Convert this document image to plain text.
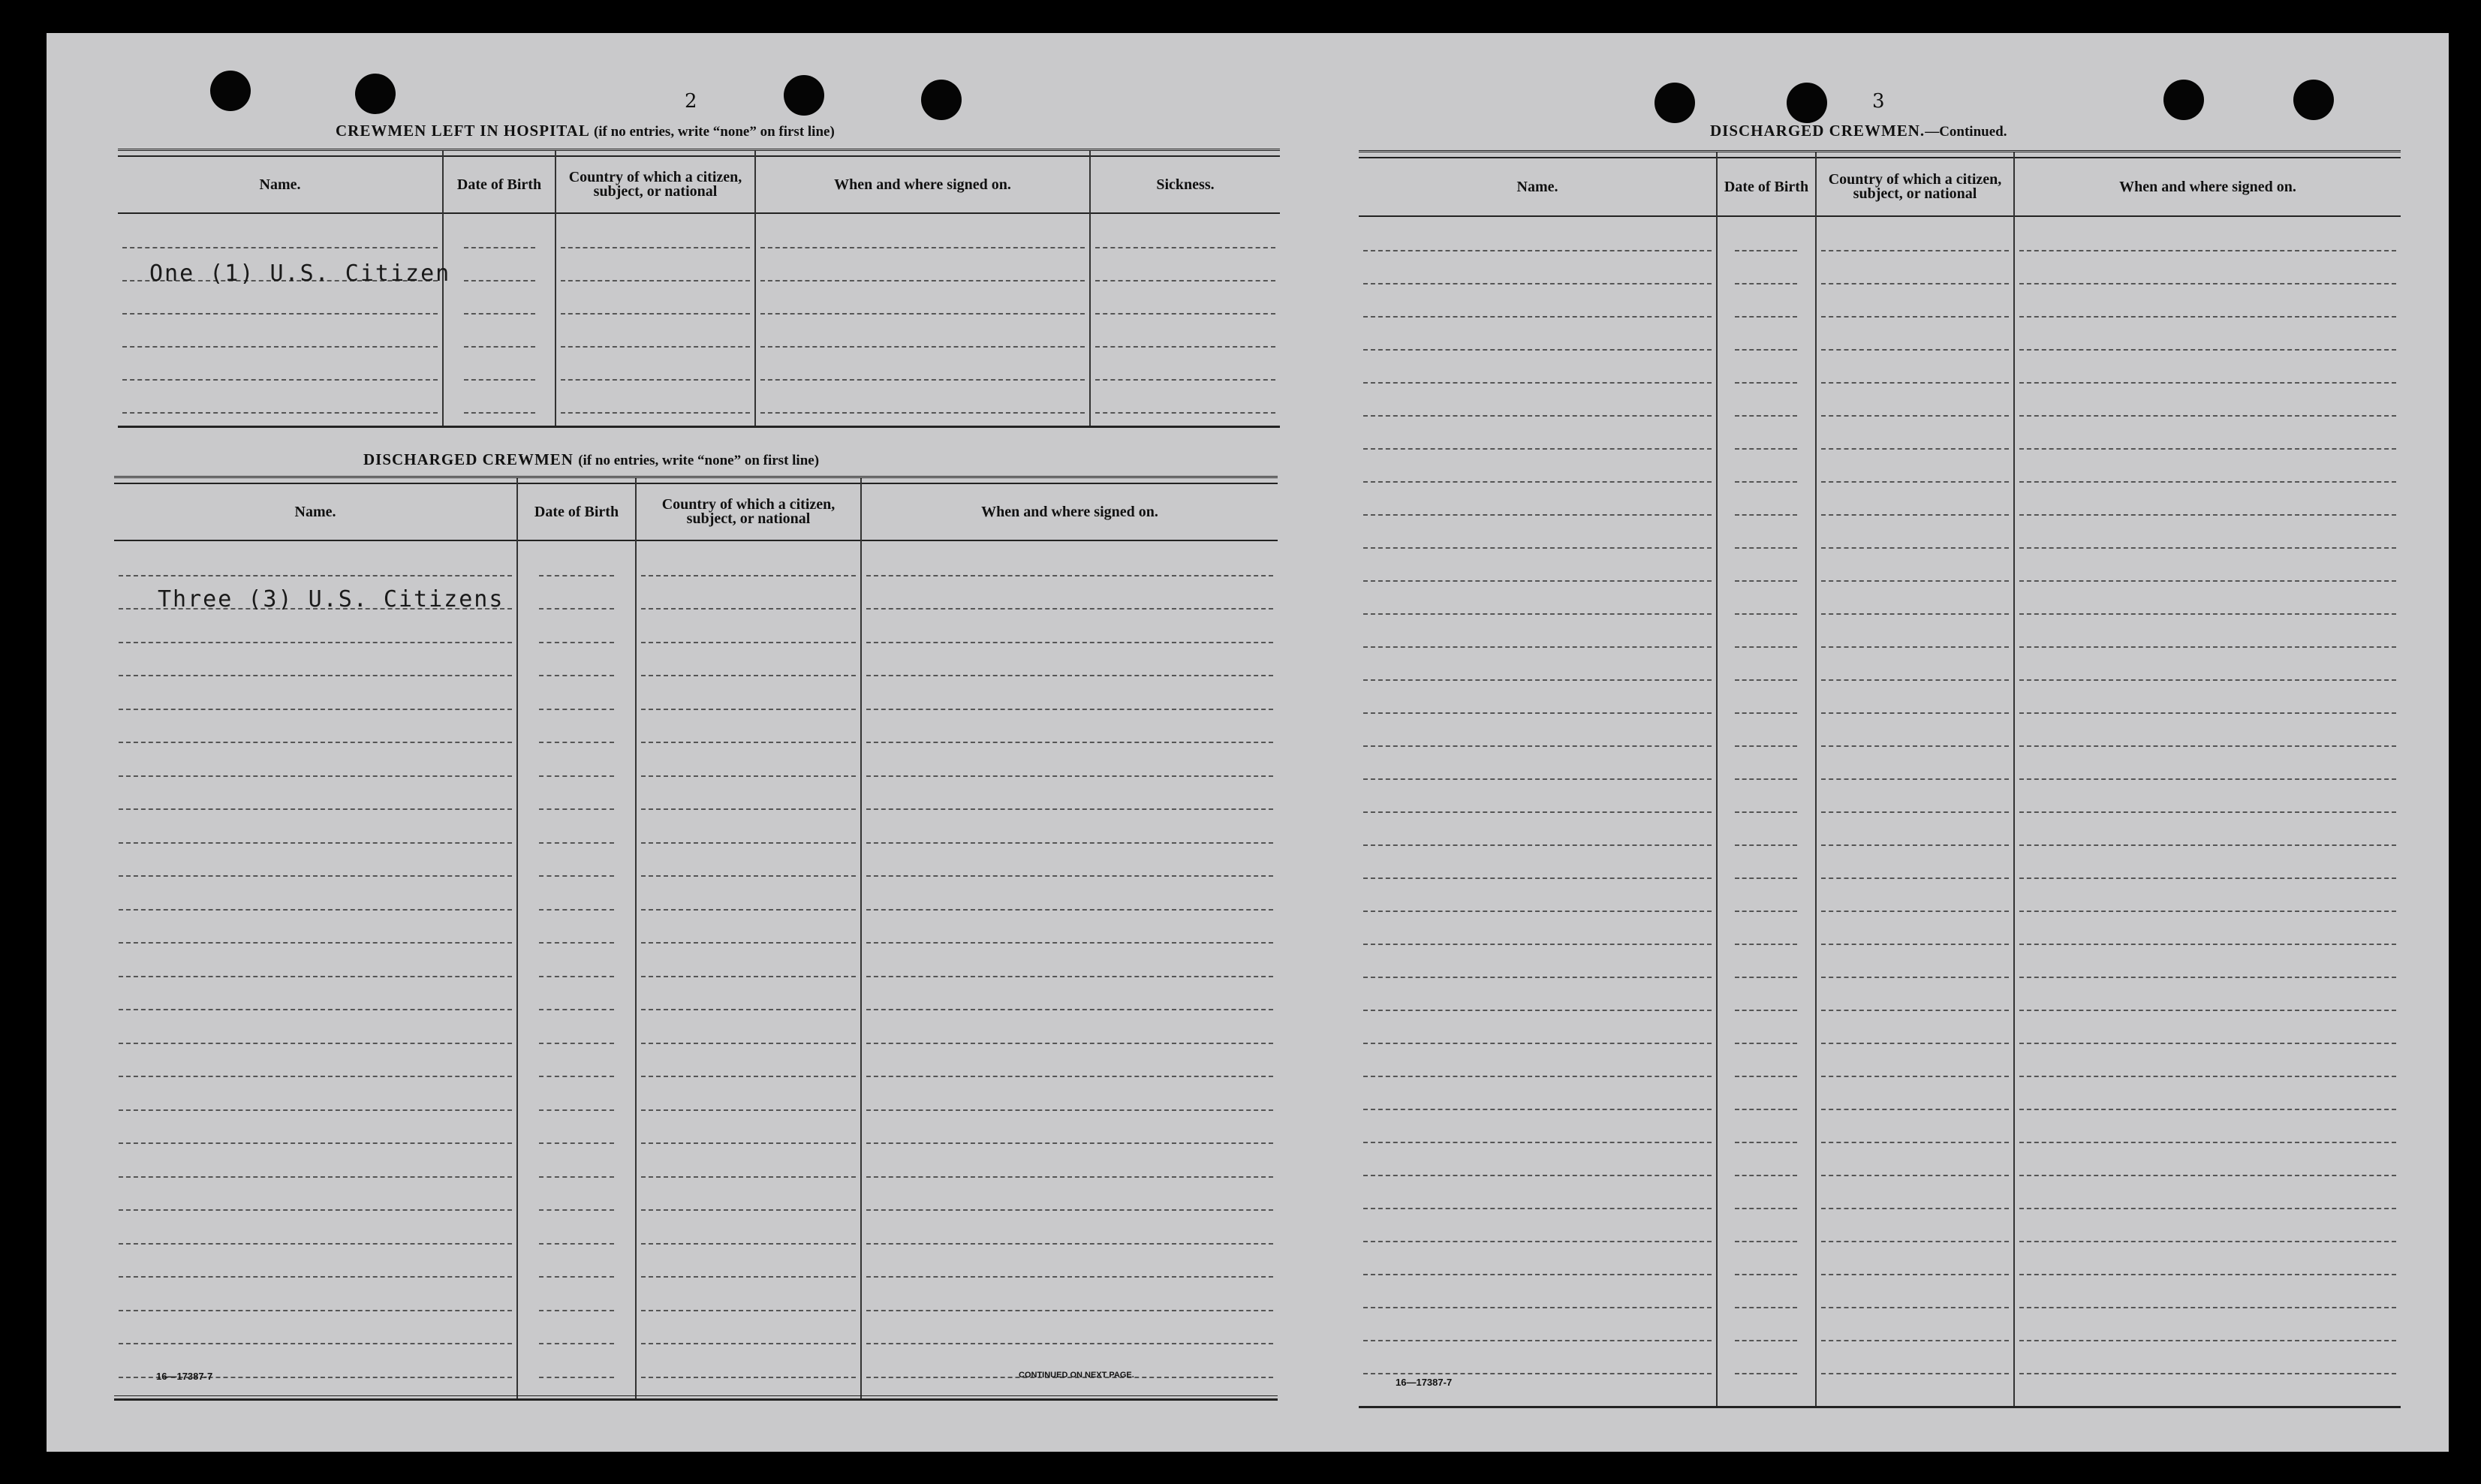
2
CREWMEN LEFT IN HOSPITAL (if no entries, write “none” on first line)
Name.	Date of Birth	Country of which a citizen, subject, or national	When and where signed on.	Sickness.
One (1) U.S. Citizen
DISCHARGED CREWMEN (if no entries, write “none” on first line)
Name.	Date of Birth	Country of which a citizen, subject, or national	When and where signed on.
Three (3) U.S. Citizens
16—17387-7	CONTINUED ON NEXT PAGE.
3
DISCHARGED CREWMEN.—Continued.
Name.	Date of Birth	Country of which a citizen, subject, or national	When and where signed on.
16—17387-7
